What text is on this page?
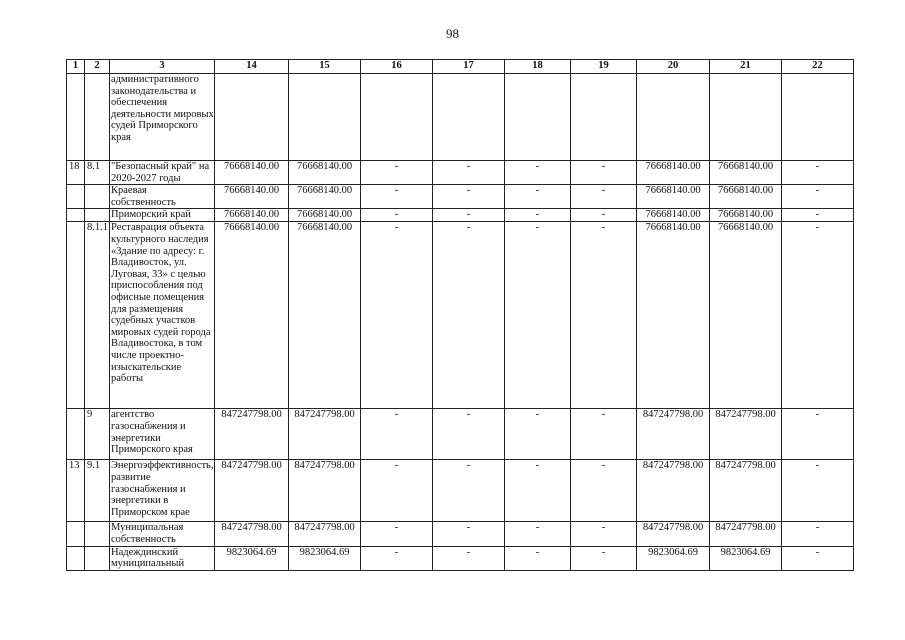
98
1	2	3	14	15	16	17	18	19	20	21	22
		административного законодательства и обеспечения деятельности мировых судей Приморского края									
18	8.1	"Безопасный край" на 2020-2027 годы	76668140.00	76668140.00	-	-	-	-	76668140.00	76668140.00	-
		Краевая собственность	76668140.00	76668140.00	-	-	-	-	76668140.00	76668140.00	-
		Приморский край	76668140.00	76668140.00	-	-	-	-	76668140.00	76668140.00	-
	8.1.1	Реставрация объекта культурного наследия «Здание по адресу: г. Владивосток, ул. Луговая, 33» с целью приспособления под офисные помещения для размещения судебных участков мировых судей города Владивостока, в том числе проектно-изыскательские работы	76668140.00	76668140.00	-	-	-	-	76668140.00	76668140.00	-
	9	агентство газоснабжения и энергетики Приморского края	847247798.00	847247798.00	-	-	-	-	847247798.00	847247798.00	-
13	9.1	Энергоэффективность, развитие газоснабжения и энергетики в Приморском крае	847247798.00	847247798.00	-	-	-	-	847247798.00	847247798.00	-
		Муниципальная собственность	847247798.00	847247798.00	-	-	-	-	847247798.00	847247798.00	-
		Надеждинский муниципальный	9823064.69	9823064.69	-	-	-	-	9823064.69	9823064.69	-
